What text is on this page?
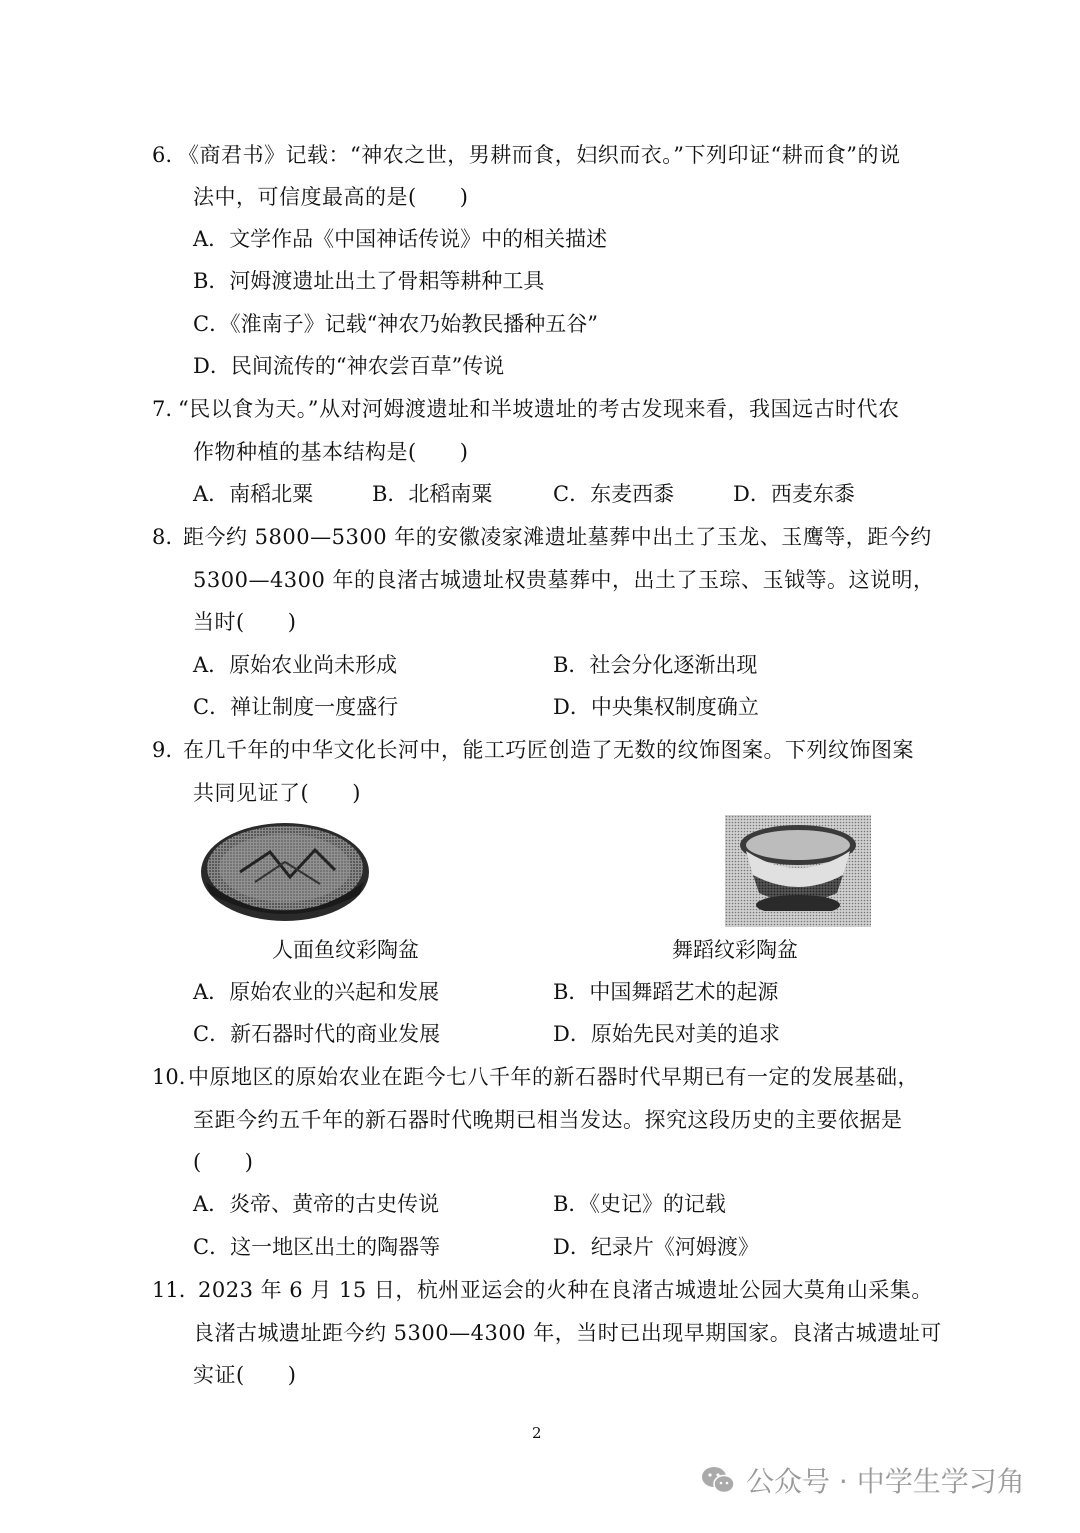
6. 《商君书》记载：“神农之世，男耕而食，妇织而衣。”下列印证“耕而食”的说
法中，可信度最高的是(　　)
A．文学作品《中国神话传说》中的相关描述
B．河姆渡遗址出土了骨耜等耕种工具
C．《淮南子》记载“神农乃始教民播种五谷”
D．民间流传的“神农尝百草”传说
7. “民以食为天。”从对河姆渡遗址和半坡遗址的考古发现来看，我国远古时代农
作物种植的基本结构是(　　)
A．南稻北粟	B．北稻南粟	C．东麦西黍	D．西麦东黍
8. 距今约 5800—5300 年的安徽凌家滩遗址墓葬中出土了玉龙、玉鹰等，距今约
5300—4300 年的良渚古城遗址权贵墓葬中，出土了玉琮、玉钺等。这说明，
当时(　　)
A．原始农业尚未形成	B．社会分化逐渐出现
C．禅让制度一度盛行	D．中央集权制度确立
9. 在几千年的中华文化长河中，能工巧匠创造了无数的纹饰图案。下列纹饰图案
共同见证了(　　)
人面鱼纹彩陶盆	舞蹈纹彩陶盆
A．原始农业的兴起和发展	B．中国舞蹈艺术的起源
C．新石器时代的商业发展	D．原始先民对美的追求
10. 中原地区的原始农业在距今七八千年的新石器时代早期已有一定的发展基础，
至距今约五千年的新石器时代晚期已相当发达。探究这段历史的主要依据是
(　　)
A．炎帝、黄帝的古史传说	B．《史记》的记载
C．这一地区出土的陶器等	D．纪录片《河姆渡》
11. 2023 年 6 月 15 日，杭州亚运会的火种在良渚古城遗址公园大莫角山采集。
良渚古城遗址距今约 5300—4300 年，当时已出现早期国家。良渚古城遗址可
实证(　　)
2
公众号 · 中学生学习角
